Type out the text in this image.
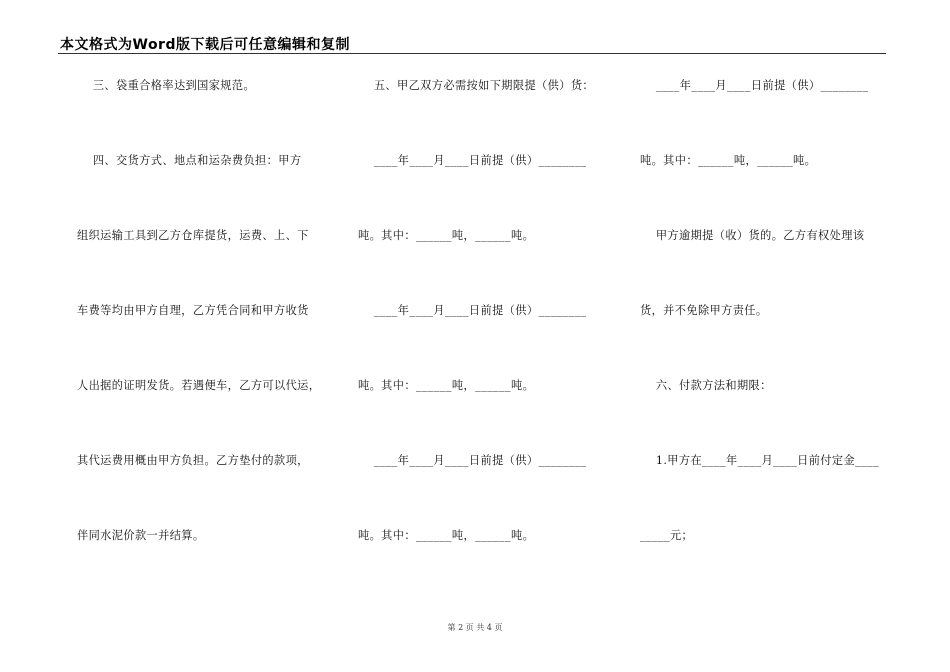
本文格式为Word版下载后可任意编辑和复制
三、袋重合格率达到国家规范。
四、交货方式、地点和运杂费负担：甲方
组织运输工具到乙方仓库提货，运费、上、下
车费等均由甲方自理，乙方凭合同和甲方收货
人出据的证明发货。若遇便车，乙方可以代运，
其代运费用概由甲方负担。乙方垫付的款项，
伴同水泥价款一并结算。
五、甲乙双方必需按如下期限提（供）货：
____年____月____日前提（供）________
吨。其中：______吨，______吨。
____年____月____日前提（供）________
吨。其中：______吨，______吨。
____年____月____日前提（供）________
吨。其中：______吨，______吨。
____年____月____日前提（供）________
吨。其中：______吨，______吨。
甲方逾期提（收）货的。乙方有权处理该
货，并不免除甲方责任。
六、付款方法和期限：
1.甲方在____年____月____日前付定金____
_____元；
第 2 页 共 4 页
